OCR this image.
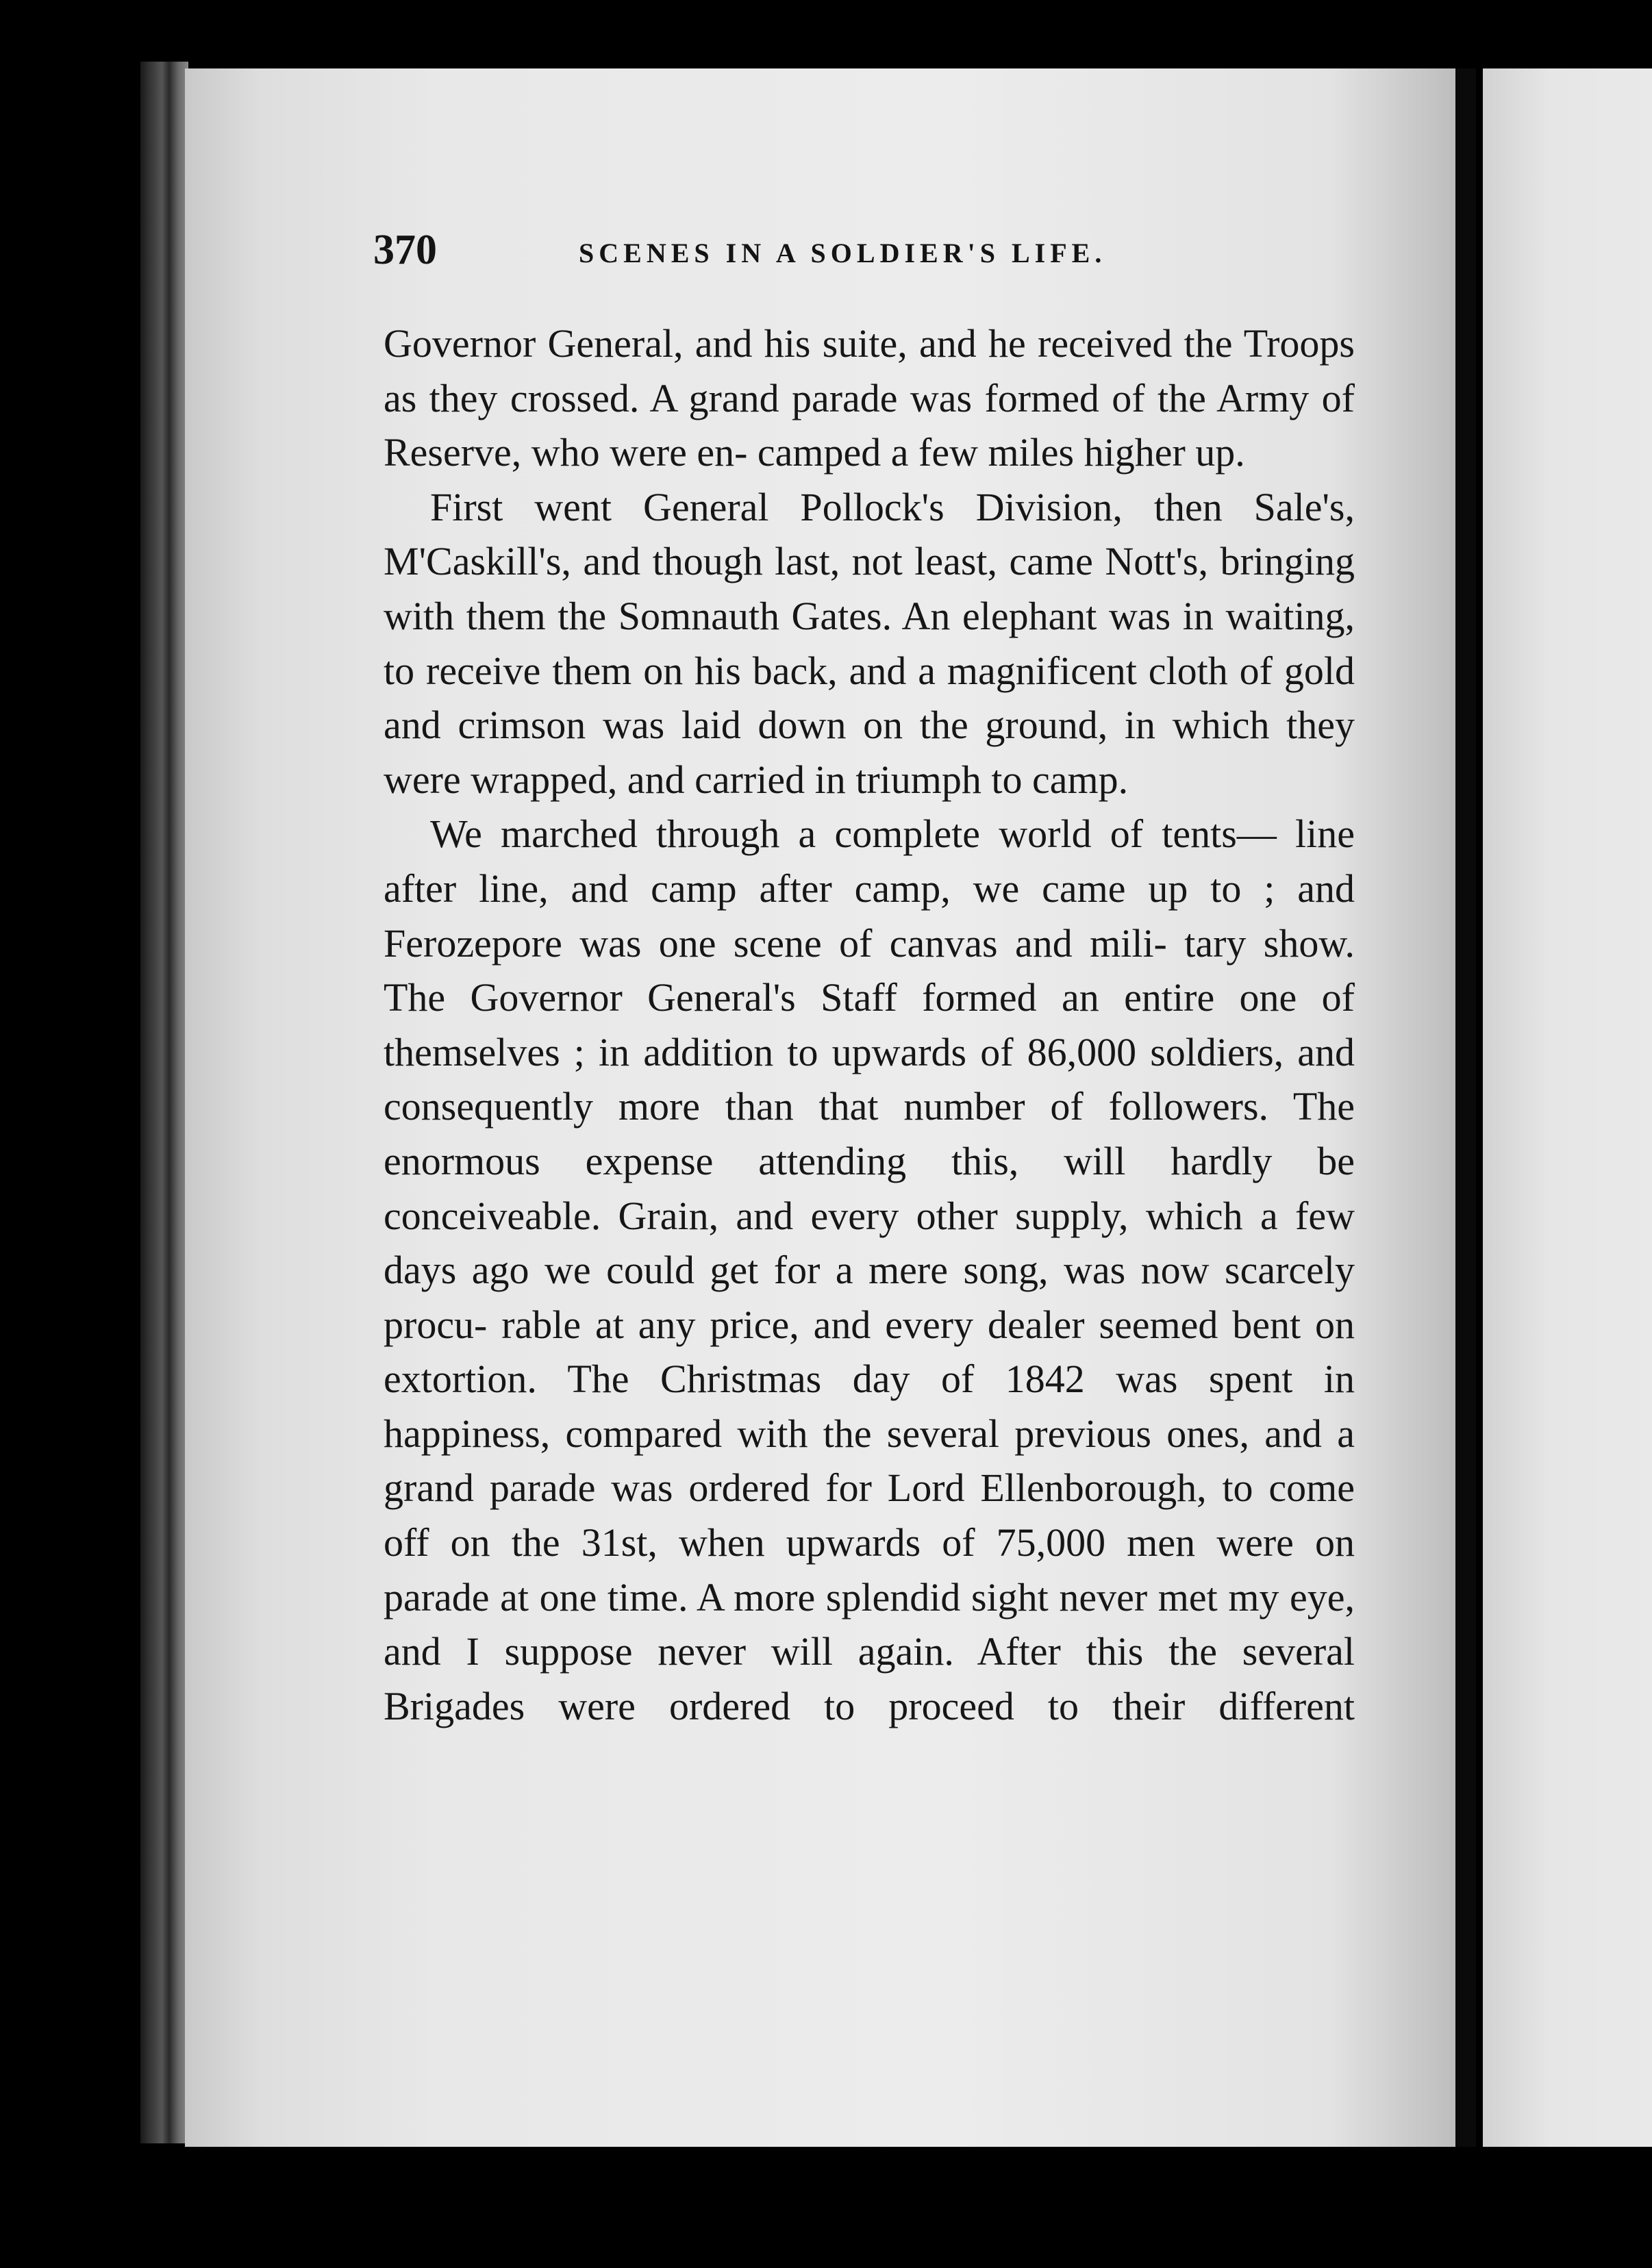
370	SCENES IN A SOLDIER'S LIFE.

Governor General, and his suite, and he received the Troops as they crossed. A grand parade was formed of the Army of Reserve, who were en- camped a few miles higher up.

First went General Pollock's Division, then Sale's, M'Caskill's, and though last, not least, came Nott's, bringing with them the Somnauth Gates. An elephant was in waiting, to receive them on his back, and a magnificent cloth of gold and crimson was laid down on the ground, in which they were wrapped, and carried in triumph to camp.

We marched through a complete world of tents— line after line, and camp after camp, we came up to ; and Ferozepore was one scene of canvas and mili- tary show. The Governor General's Staff formed an entire one of themselves ; in addition to upwards of 86,000 soldiers, and consequently more than that number of followers. The enormous expense attending this, will hardly be conceiveable. Grain, and every other supply, which a few days ago we could get for a mere song, was now scarcely procu- rable at any price, and every dealer seemed bent on extortion. The Christmas day of 1842 was spent in happiness, compared with the several previous ones, and a grand parade was ordered for Lord Ellenborough, to come off on the 31st, when upwards of 75,000 men were on parade at one time. A more splendid sight never met my eye, and I suppose never will again. After this the several Brigades were ordered to proceed to their different
